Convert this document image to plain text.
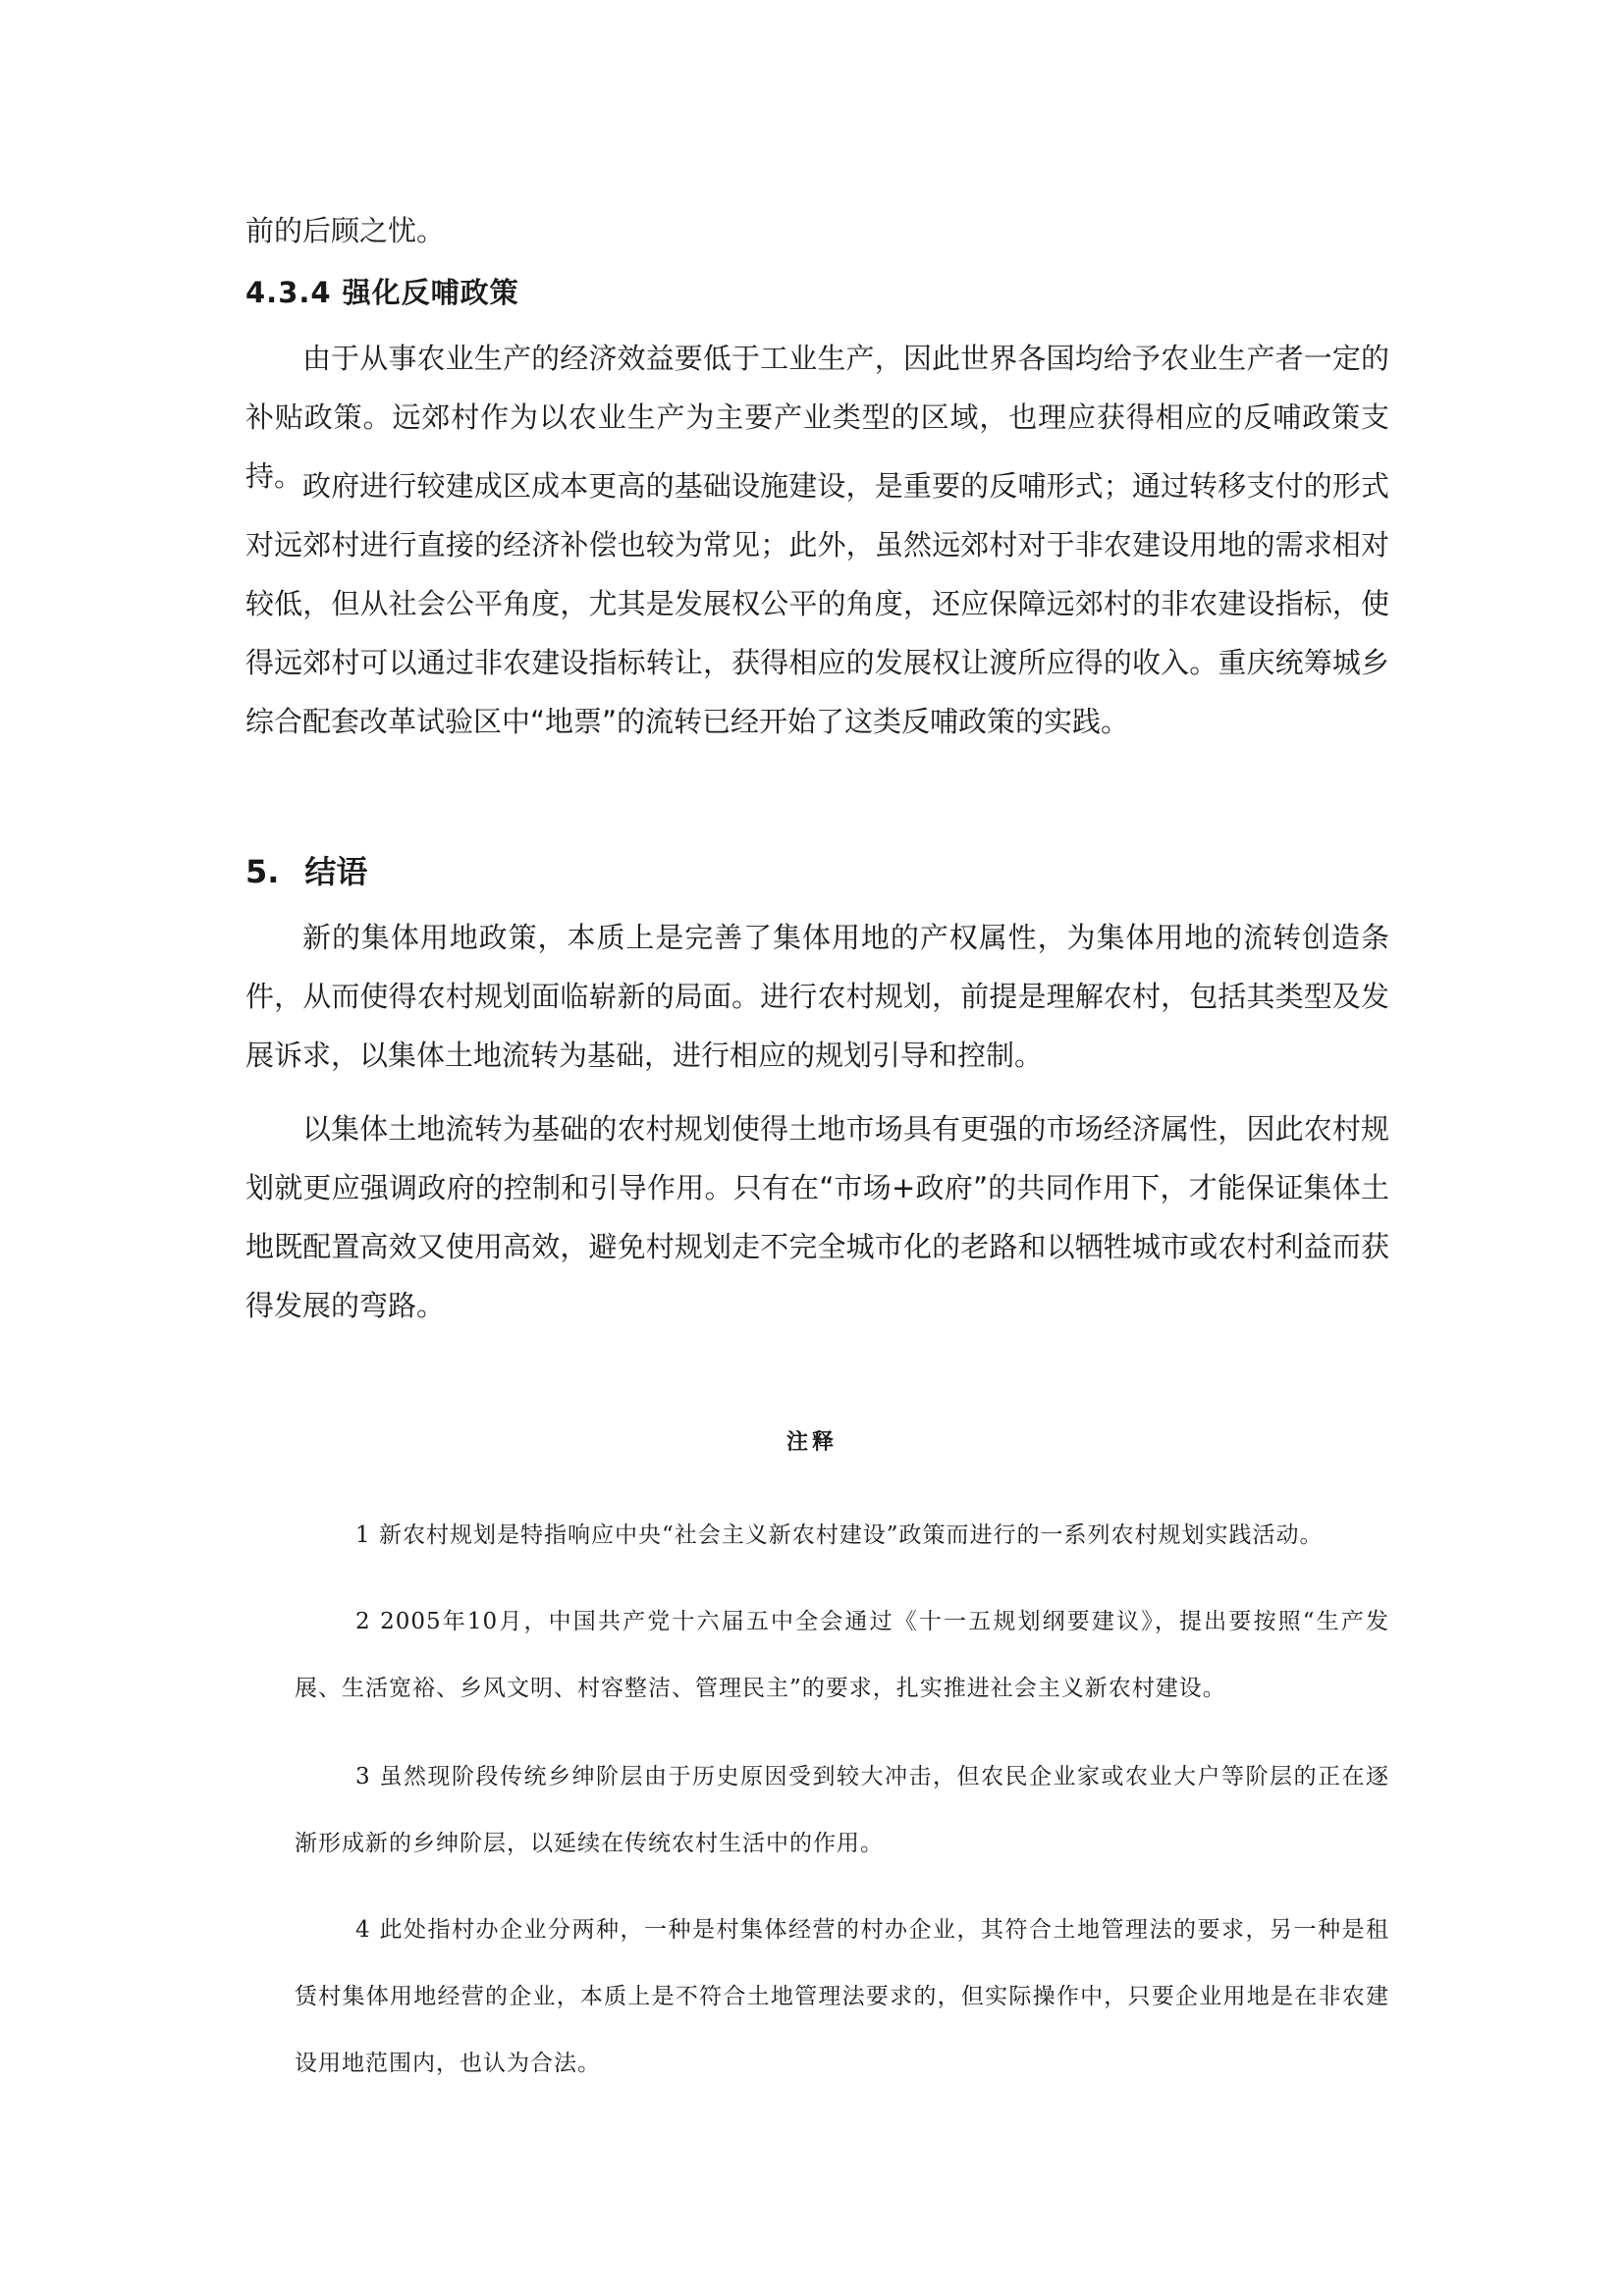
前的后顾之忧。

4.3.4 强化反哺政策

由于从事农业生产的经济效益要低于工业生产，因此世界各国均给予农业生产者一定的补贴政策。远郊村作为以农业生产为主要产业类型的区域，也理应获得相应的反哺政策支持。 政府进行较建成区成本更高的基础设施建设，是重要的反哺形式；通过转移支付的形式对远郊村进行直接的经济补偿也较为常见；此外，虽然远郊村对于非农建设用地的需求相对较低，但从社会公平角度，尤其是发展权公平的角度，还应保障远郊村的非农建设指标，使得远郊村可以通过非农建设指标转让，获得相应的发展权让渡所应得的收入。重庆统筹城乡综合配套改革试验区中“地票”的流转已经开始了这类反哺政策的实践。

5. 结语

新的集体用地政策，本质上是完善了集体用地的产权属性，为集体用地的流转创造条件，从而使得农村规划面临崭新的局面。进行农村规划，前提是理解农村，包括其类型及发展诉求，以集体土地流转为基础，进行相应的规划引导和控制。

以集体土地流转为基础的农村规划使得土地市场具有更强的市场经济属性，因此农村规划就更应强调政府的控制和引导作用。只有在“市场+政府”的共同作用下，才能保证集体土地既配置高效又使用高效，避免村规划走不完全城市化的老路和以牺牲城市或农村利益而获得发展的弯路。

注释

1 新农村规划是特指响应中央“社会主义新农村建设”政策而进行的一系列农村规划实践活动。

2 2005年10月，中国共产党十六届五中全会通过《十一五规划纲要建议》，提出要按照“生产发展、生活宽裕、乡风文明、村容整洁、管理民主”的要求，扎实推进社会主义新农村建设。

3 虽然现阶段传统乡绅阶层由于历史原因受到较大冲击，但农民企业家或农业大户等阶层的正在逐渐形成新的乡绅阶层，以延续在传统农村生活中的作用。

4 此处指村办企业分两种，一种是村集体经营的村办企业，其符合土地管理法的要求，另一种是租赁村集体用地经营的企业，本质上是不符合土地管理法要求的，但实际操作中，只要企业用地是在非农建设用地范围内，也认为合法。
